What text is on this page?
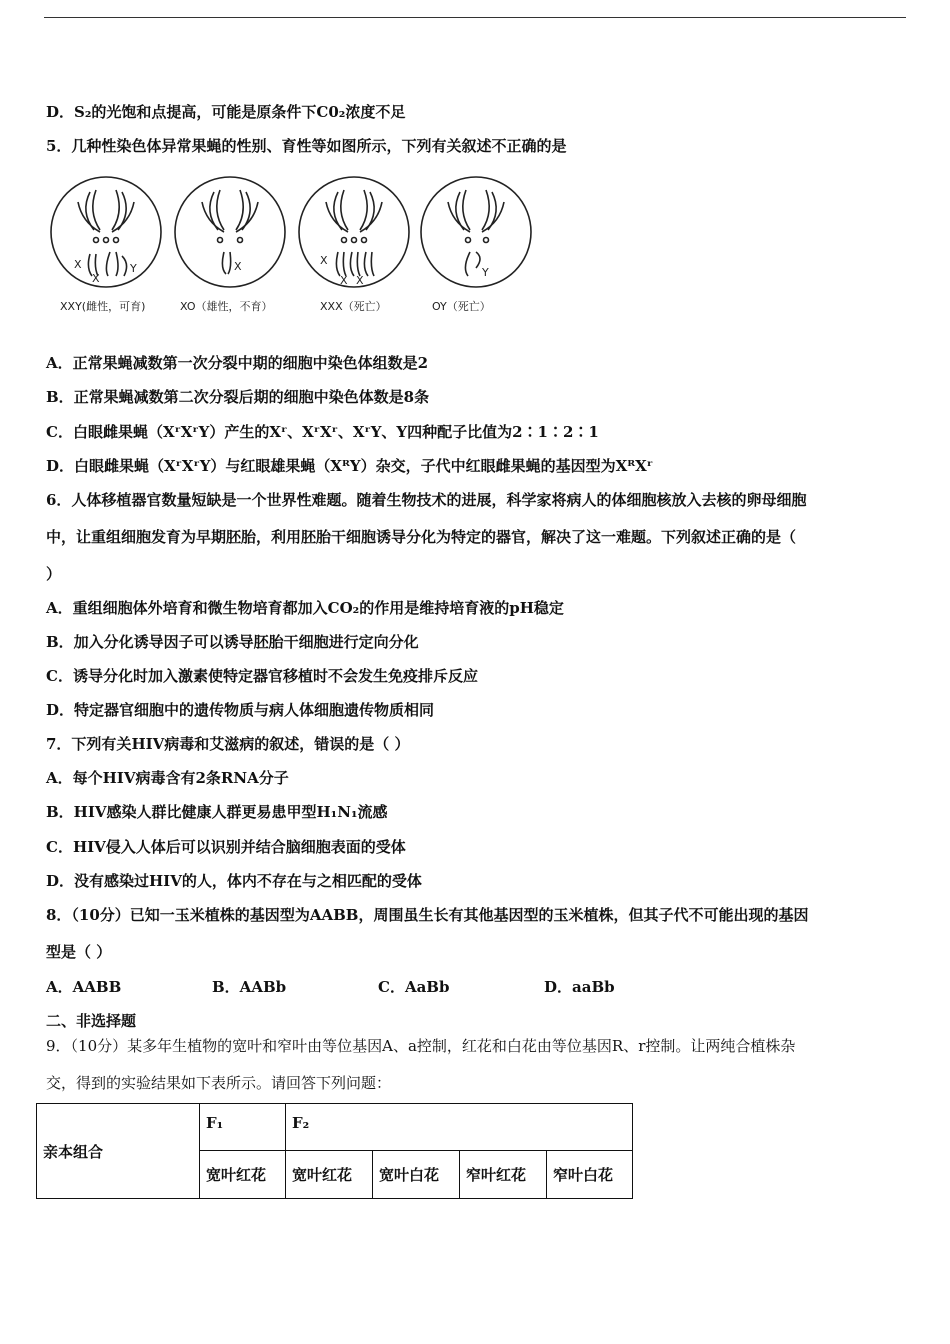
D．S₂的光饱和点提高，可能是原条件下C0₂浓度不足
5．几种性染色体异常果蝇的性别、育性等如图所示，下列有关叙述不正确的是
X
X
Y	X	X
X X
Y
XXY(雌性，可育)	XO（雄性，不育）	XXX（死亡）	OY（死亡）
A．正常果蝇减数第一次分裂中期的细胞中染色体组数是2
B．正常果蝇减数第二次分裂后期的细胞中染色体数是8条
C．白眼雌果蝇（XʳXʳY）产生的Xʳ、XʳXʳ、XʳY、Y四种配子比值为2∶1∶2∶1
D．白眼雌果蝇（XʳXʳY）与红眼雄果蝇（XᴿY）杂交，子代中红眼雌果蝇的基因型为XᴿXʳ
6．人体移植器官数量短缺是一个世界性难题。随着生物技术的进展，科学家将病人的体细胞核放入去核的卵母细胞
中，让重组细胞发育为早期胚胎，利用胚胎干细胞诱导分化为特定的器官，解决了这一难题。下列叙述正确的是（
）
A．重组细胞体外培育和微生物培育都加入CO₂的作用是维持培育液的pH稳定
B．加入分化诱导因子可以诱导胚胎干细胞进行定向分化
C．诱导分化时加入激素使特定器官移植时不会发生免疫排斥反应
D．特定器官细胞中的遗传物质与病人体细胞遗传物质相同
7．下列有关HIV病毒和艾滋病的叙述，错误的是（ ）
A．每个HIV病毒含有2条RNA分子
B．HIV感染人群比健康人群更易患甲型H₁N₁流感
C．HIV侵入人体后可以识别并结合脑细胞表面的受体
D．没有感染过HIV的人，体内不存在与之相匹配的受体
8．（10分）已知一玉米植株的基因型为AABB，周围虽生长有其他基因型的玉米植株，但其子代不可能出现的基因
型是（ ）
A．AABB	B．AABb	C．AaBb	D．aaBb
二、非选择题
9．（10分）某多年生植物的宽叶和窄叶由等位基因A、a控制，红花和白花由等位基因R、r控制。让两纯合植株杂
交，得到的实验结果如下表所示。请回答下列问题：
亲本组合	F₁	F₂			
	宽叶红花	宽叶红花	宽叶白花	窄叶红花	窄叶白花
